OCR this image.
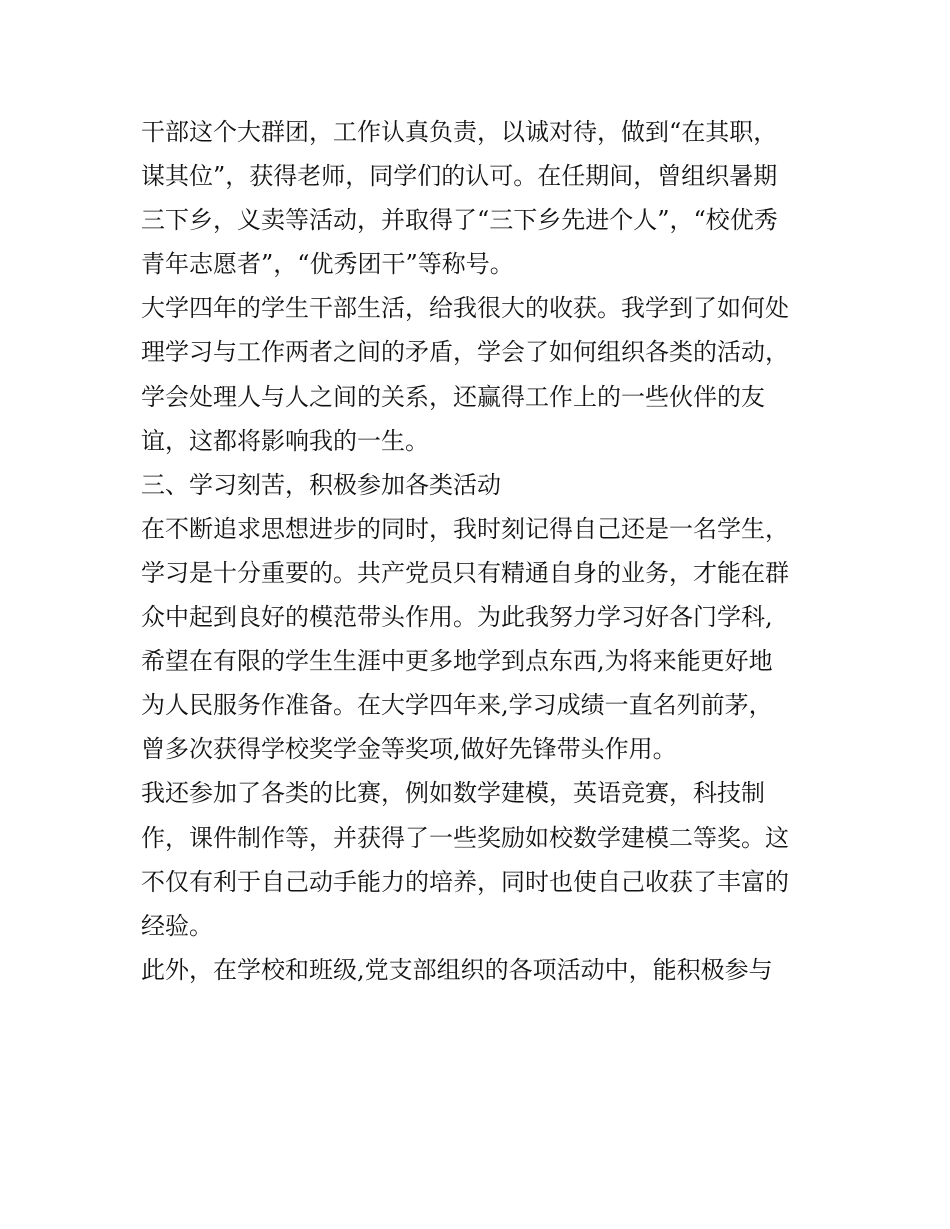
干部这个大群团，工作认真负责，以诚对待，做到“在其职，
谋其位”，获得老师，同学们的认可。在任期间，曾组织暑期
三下乡，义卖等活动，并取得了“三下乡先进个人”，“校优秀
青年志愿者”，“优秀团干”等称号。
大学四年的学生干部生活，给我很大的收获。我学到了如何处
理学习与工作两者之间的矛盾，学会了如何组织各类的活动，
学会处理人与人之间的关系，还赢得工作上的一些伙伴的友
谊，这都将影响我的一生。
三、学习刻苦，积极参加各类活动
在不断追求思想进步的同时，我时刻记得自己还是一名学生，
学习是十分重要的。共产党员只有精通自身的业务，才能在群
众中起到良好的模范带头作用。为此我努力学习好各门学科,
希望在有限的学生生涯中更多地学到点东西,为将来能更好地
为人民服务作准备。在大学四年来,学习成绩一直名列前茅，
曾多次获得学校奖学金等奖项,做好先锋带头作用。
我还参加了各类的比赛，例如数学建模，英语竞赛，科技制
作，课件制作等，并获得了一些奖励如校数学建模二等奖。这
不仅有利于自己动手能力的培养，同时也使自己收获了丰富的
经验。
此外，在学校和班级,党支部组织的各项活动中，能积极参与
